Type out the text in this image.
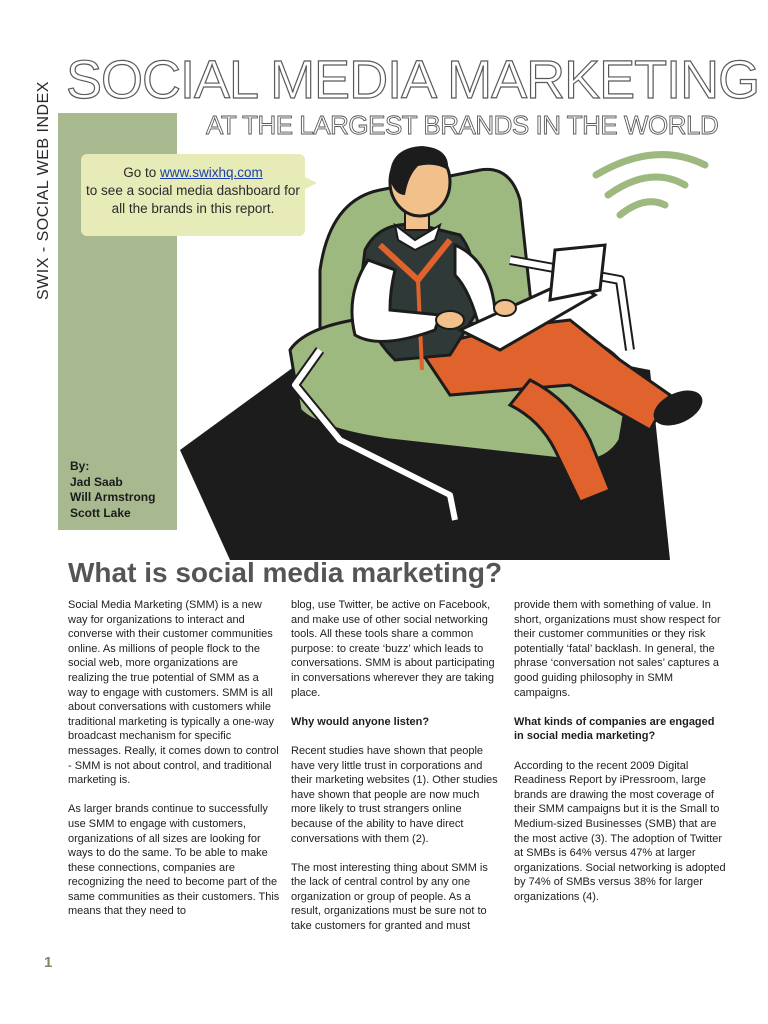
SOCIAL MEDIA MARKETING
AT THE LARGEST BRANDS IN THE WORLD
SWIX - SOCIAL WEB INDEX	Go to www.swixhq.com
to see a social media dashboard for
all the brands in this report.
By:
Jad Saab
Will Armstrong
Scott Lake
What is social media marketing?

Social Media Marketing (SMM) is a new way for organizations to interact and converse with their customer communities online. As millions of people flock to the social web, more organizations are realizing the true potential of SMM as a way to engage with customers. SMM is all about conversations with customers while traditional marketing is typically a one-way broadcast mechanism for specific messages. Really, it comes down to control - SMM is not about control, and traditional marketing is.

As larger brands continue to successfully use SMM to engage with customers, organizations of all sizes are looking for ways to do the same. To be able to make these connections, companies are recognizing the need to become part of the same communities as their customers. This means that they need to

blog, use Twitter, be active on Facebook, and make use of other social networking tools. All these tools share a common purpose: to create ‘buzz’ which leads to conversations. SMM is about participating in conversations wherever they are taking place.

Why would anyone listen?

Recent studies have shown that people have very little trust in corporations and their marketing websites (1). Other studies have shown that people are now much more likely to trust strangers online because of the ability to have direct conversations with them (2).

The most interesting thing about SMM is the lack of central control by any one organization or group of people. As a result, organizations must be sure not to take customers for granted and must

provide them with something of value. In short, organizations must show respect for their customer communities or they risk potentially ‘fatal’ backlash. In general, the phrase ‘conversation not sales’ captures a good guiding philosophy in SMM campaigns.

What kinds of companies are engaged in social media marketing?

According to the recent 2009 Digital Readiness Report by iPressroom, large brands are drawing the most coverage of their SMM campaigns but it is the Small to Medium-sized Businesses (SMB) that are the most active (3). The adoption of Twitter at SMBs is 64% versus 47% at larger organizations. Social networking is adopted by 74% of SMBs versus 38% for larger organizations (4).

1
